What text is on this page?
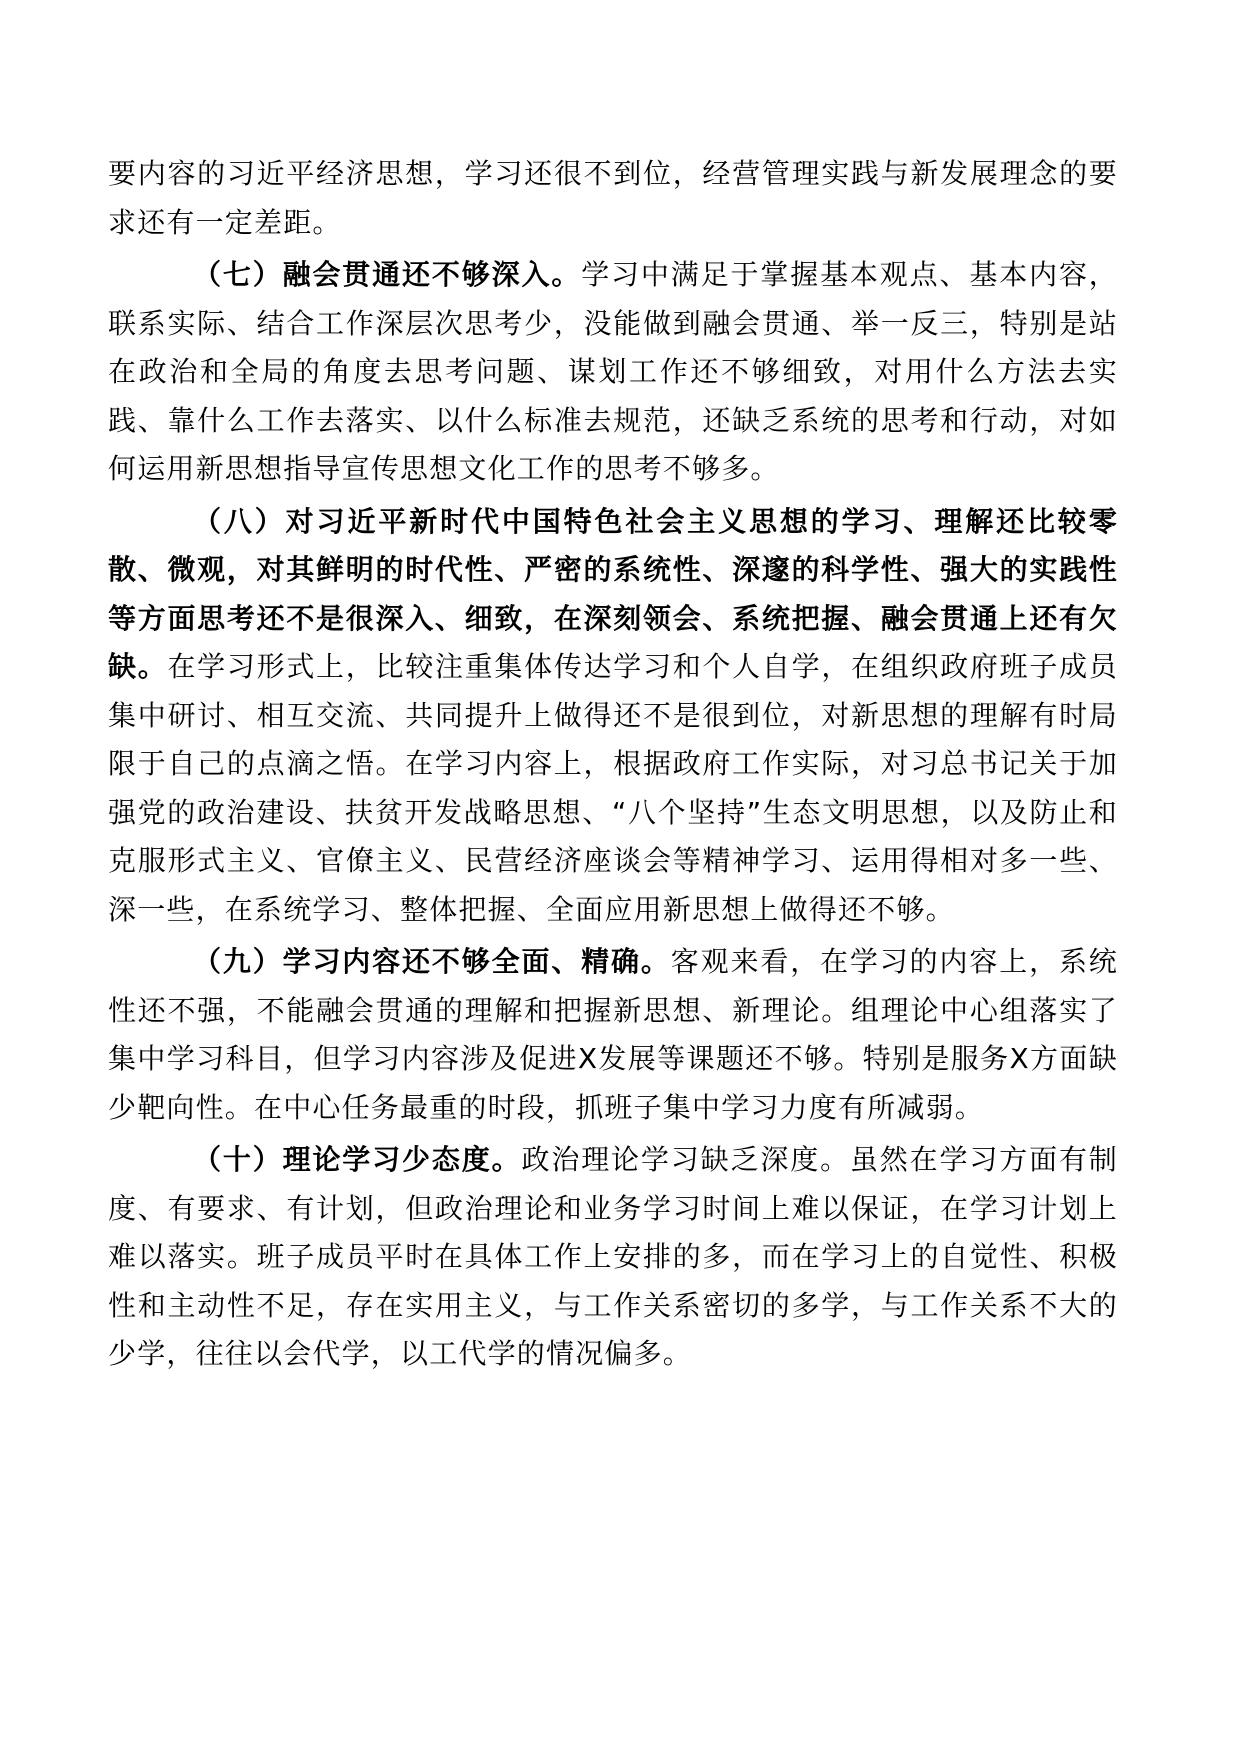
要内容的习近平经济思想，学习还很不到位，经营管理实践与新发展理念的要求还有一定差距。

（七）融会贯通还不够深入。学习中满足于掌握基本观点、基本内容，联系实际、结合工作深层次思考少，没能做到融会贯通、举一反三，特别是站在政治和全局的角度去思考问题、谋划工作还不够细致，对用什么方法去实践、靠什么工作去落实、以什么标准去规范，还缺乏系统的思考和行动，对如何运用新思想指导宣传思想文化工作的思考不够多。

（八）对习近平新时代中国特色社会主义思想的学习、理解还比较零散、微观，对其鲜明的时代性、严密的系统性、深邃的科学性、强大的实践性等方面思考还不是很深入、细致，在深刻领会、系统把握、融会贯通上还有欠缺。在学习形式上，比较注重集体传达学习和个人自学，在组织政府班子成员集中研讨、相互交流、共同提升上做得还不是很到位，对新思想的理解有时局限于自己的点滴之悟。在学习内容上，根据政府工作实际，对习总书记关于加强党的政治建设、扶贫开发战略思想、“八个坚持”生态文明思想，以及防止和克服形式主义、官僚主义、民营经济座谈会等精神学习、运用得相对多一些、深一些，在系统学习、整体把握、全面应用新思想上做得还不够。

（九）学习内容还不够全面、精确。客观来看，在学习的内容上，系统性还不强，不能融会贯通的理解和把握新思想、新理论。组理论中心组落实了集中学习科目，但学习内容涉及促进X发展等课题还不够。特别是服务X方面缺少靶向性。在中心任务最重的时段，抓班子集中学习力度有所减弱。

（十）理论学习少态度。政治理论学习缺乏深度。虽然在学习方面有制度、有要求、有计划，但政治理论和业务学习时间上难以保证，在学习计划上难以落实。班子成员平时在具体工作上安排的多，而在学习上的自觉性、积极性和主动性不足，存在实用主义，与工作关系密切的多学，与工作关系不大的少学，往往以会代学，以工代学的情况偏多。
